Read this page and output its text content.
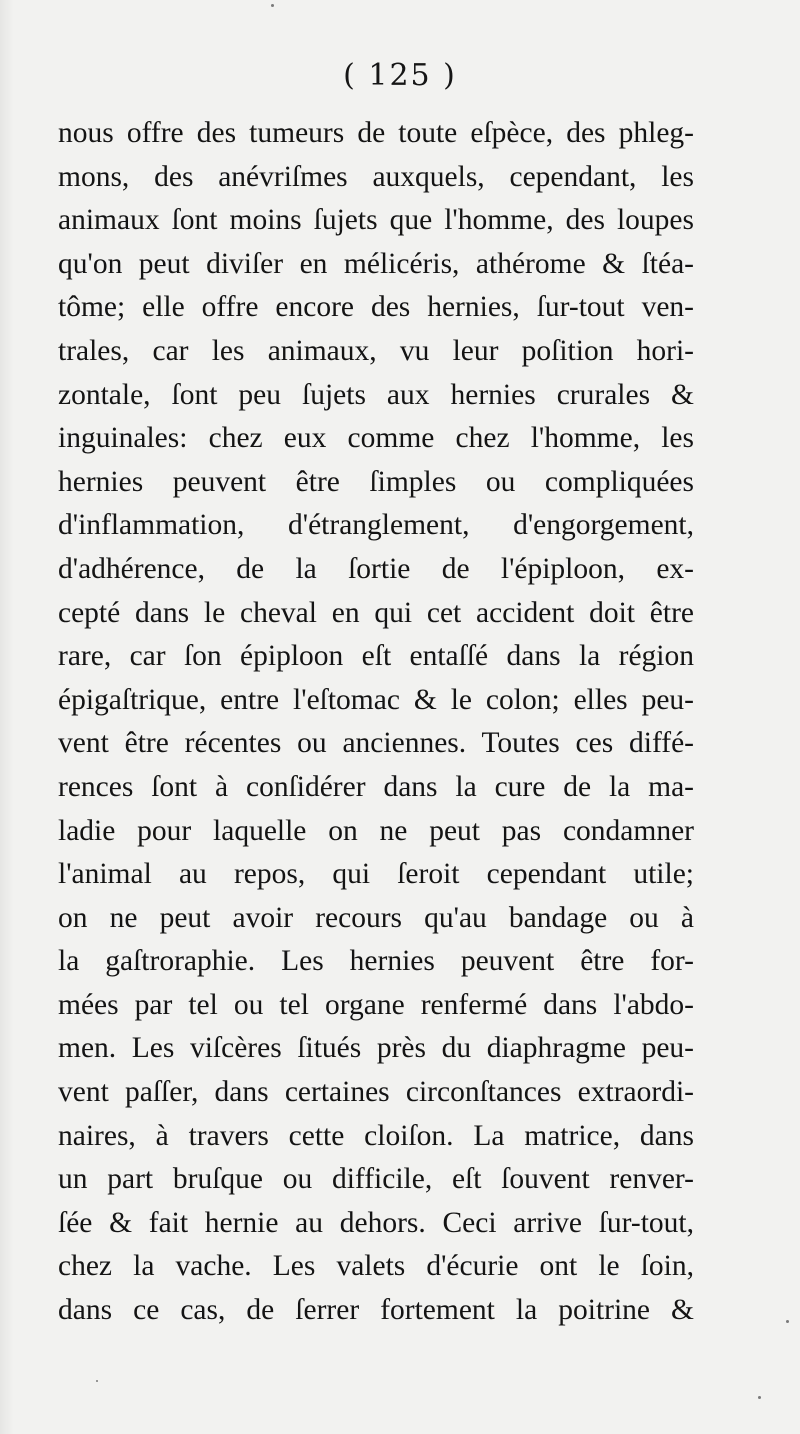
( 125 )
nous offre des tumeurs de toute eſpèce, des phleg-
mons, des anévriſmes auxquels, cependant, les
animaux ſont moins ſujets que l'homme, des loupes
qu'on peut diviſer en mélicéris, athérome & ſtéa-
tôme; elle offre encore des hernies, ſur-tout ven-
trales, car les animaux, vu leur poſition hori-
zontale, ſont peu ſujets aux hernies crurales &
inguinales: chez eux comme chez l'homme, les
hernies peuvent être ſimples ou compliquées
d'inflammation, d'étranglement, d'engorgement,
d'adhérence, de la ſortie de l'épiploon, ex-
cepté dans le cheval en qui cet accident doit être
rare, car ſon épiploon eſt entaſſé dans la région
épigaſtrique, entre l'eſtomac & le colon; elles peu-
vent être récentes ou anciennes. Toutes ces diffé-
rences ſont à conſidérer dans la cure de la ma-
ladie pour laquelle on ne peut pas condamner
l'animal au repos, qui ſeroit cependant utile;
on ne peut avoir recours qu'au bandage ou à
la gaſtroraphie. Les hernies peuvent être for-
mées par tel ou tel organe renfermé dans l'abdo-
men. Les viſcères ſitués près du diaphragme peu-
vent paſſer, dans certaines circonſtances extraordi-
naires, à travers cette cloiſon. La matrice, dans
un part bruſque ou difficile, eſt ſouvent renver-
ſée & fait hernie au dehors. Ceci arrive ſur-tout,
chez la vache. Les valets d'écurie ont le ſoin,
dans ce cas, de ſerrer fortement la poitrine &
